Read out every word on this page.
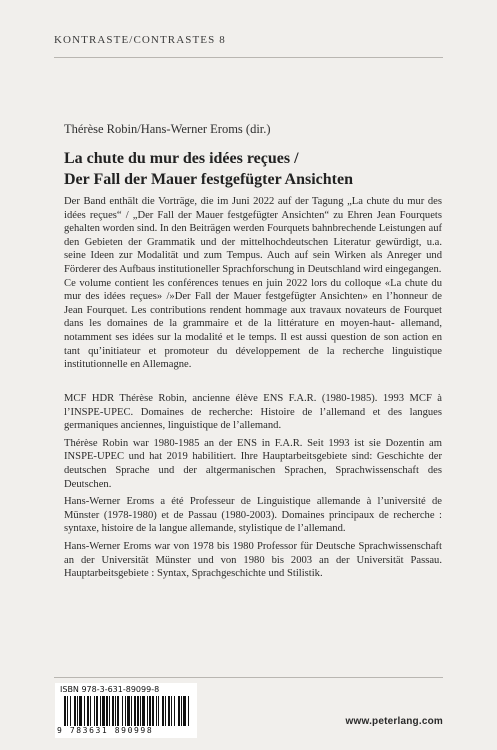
KONTRASTE/CONTRASTES 8
Thérèse Robin/Hans-Werner Eroms (dir.)
La chute du mur des idées reçues /
Der Fall der Mauer festgefügter Ansichten

Der Band enthält die Vorträge, die im Juni 2022 auf der Tagung „La chute du mur des idées reçues“ / „Der Fall der Mauer festgefügter Ansichten“ zu Ehren Jean Fourquets gehalten worden sind. In den Beiträgen werden Fourquets bahnbrechende Leistungen auf den Gebieten der Grammatik und der mittelhochdeutschen Literatur gewürdigt, u.a. seine Ideen zur Modalität und zum Tempus. Auch auf sein Wirken als Anreger und Förderer des Aufbaus institutioneller Sprachforschung in Deutschland wird eingegangen.

Ce volume contient les conférences tenues en juin 2022 lors du colloque «La chute du mur des idées reçues» /»Der Fall der Mauer festgefügter Ansichten» en l’honneur de Jean Fourquet. Les contributions rendent hommage aux travaux novateurs de Fourquet dans les domaines de la grammaire et de la littérature en moyen-haut- allemand, notamment ses idées sur la modalité et le temps. Il est aussi question de son action en tant qu’initiateur et promoteur du développement de la recherche linguistique institutionnelle en Allemagne.

MCF HDR Thérèse Robin, ancienne élève ENS F.A.R. (1980-1985). 1993 MCF à l’INSPE-UPEC. Domaines de recherche: Histoire de l’allemand et des langues germaniques anciennes, linguistique de l’allemand.

Thérèse Robin war 1980-1985 an der ENS in F.A.R. Seit 1993 ist sie Dozentin am INSPE-UPEC und hat 2019 habilitiert. Ihre Hauptarbeitsgebiete sind: Geschichte der deutschen Sprache und der altgermanischen Sprachen, Sprachwissenschaft des Deutschen.

Hans-Werner Eroms a été Professeur de Linguistique allemande à l’université de Münster (1978-1980) et de Passau (1980-2003). Domaines principaux de recherche : syntaxe, histoire de la langue allemande, stylistique de l’allemand.

Hans-Werner Eroms war von 1978 bis 1980 Professor für Deutsche Sprachwissenschaft an der Universität Münster und von 1980 bis 2003 an der Universität Passau. Hauptarbeitsgebiete : Syntax, Sprachgeschichte und Stilistik.

ISBN 978-3-631-89099-8
9 783631 890998
www.peterlang.com
